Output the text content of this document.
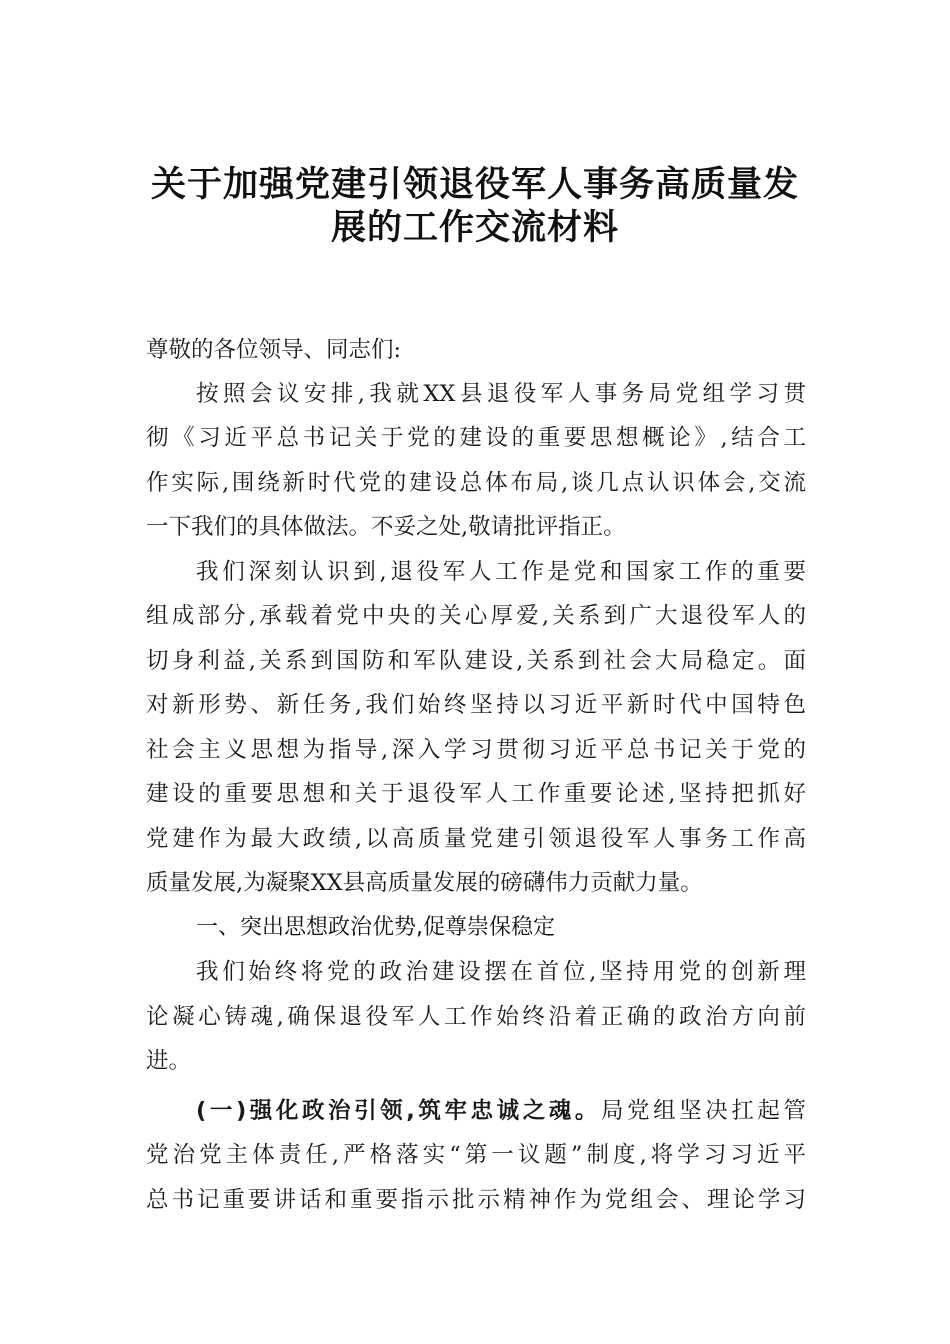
关于加强党建引领退役军人事务高质量发
展的工作交流材料
尊敬的各位领导、同志们:
按照会议安排,我就XX县退役军人事务局党组学习贯
彻《习近平总书记关于党的建设的重要思想概论》,结合工
作实际,围绕新时代党的建设总体布局,谈几点认识体会,交流
一下我们的具体做法。不妥之处,敬请批评指正。
我们深刻认识到,退役军人工作是党和国家工作的重要
组成部分,承载着党中央的关心厚爱,关系到广大退役军人的
切身利益,关系到国防和军队建设,关系到社会大局稳定。面
对新形势、新任务,我们始终坚持以习近平新时代中国特色
社会主义思想为指导,深入学习贯彻习近平总书记关于党的
建设的重要思想和关于退役军人工作重要论述,坚持把抓好
党建作为最大政绩,以高质量党建引领退役军人事务工作高
质量发展,为凝聚XX县高质量发展的磅礴伟力贡献力量。
一、突出思想政治优势,促尊崇保稳定
我们始终将党的政治建设摆在首位,坚持用党的创新理
论凝心铸魂,确保退役军人工作始终沿着正确的政治方向前
进。
(一)强化政治引领,筑牢忠诚之魂。局党组坚决扛起管
党治党主体责任,严格落实“第一议题”制度,将学习习近平
总书记重要讲话和重要指示批示精神作为党组会、理论学习
